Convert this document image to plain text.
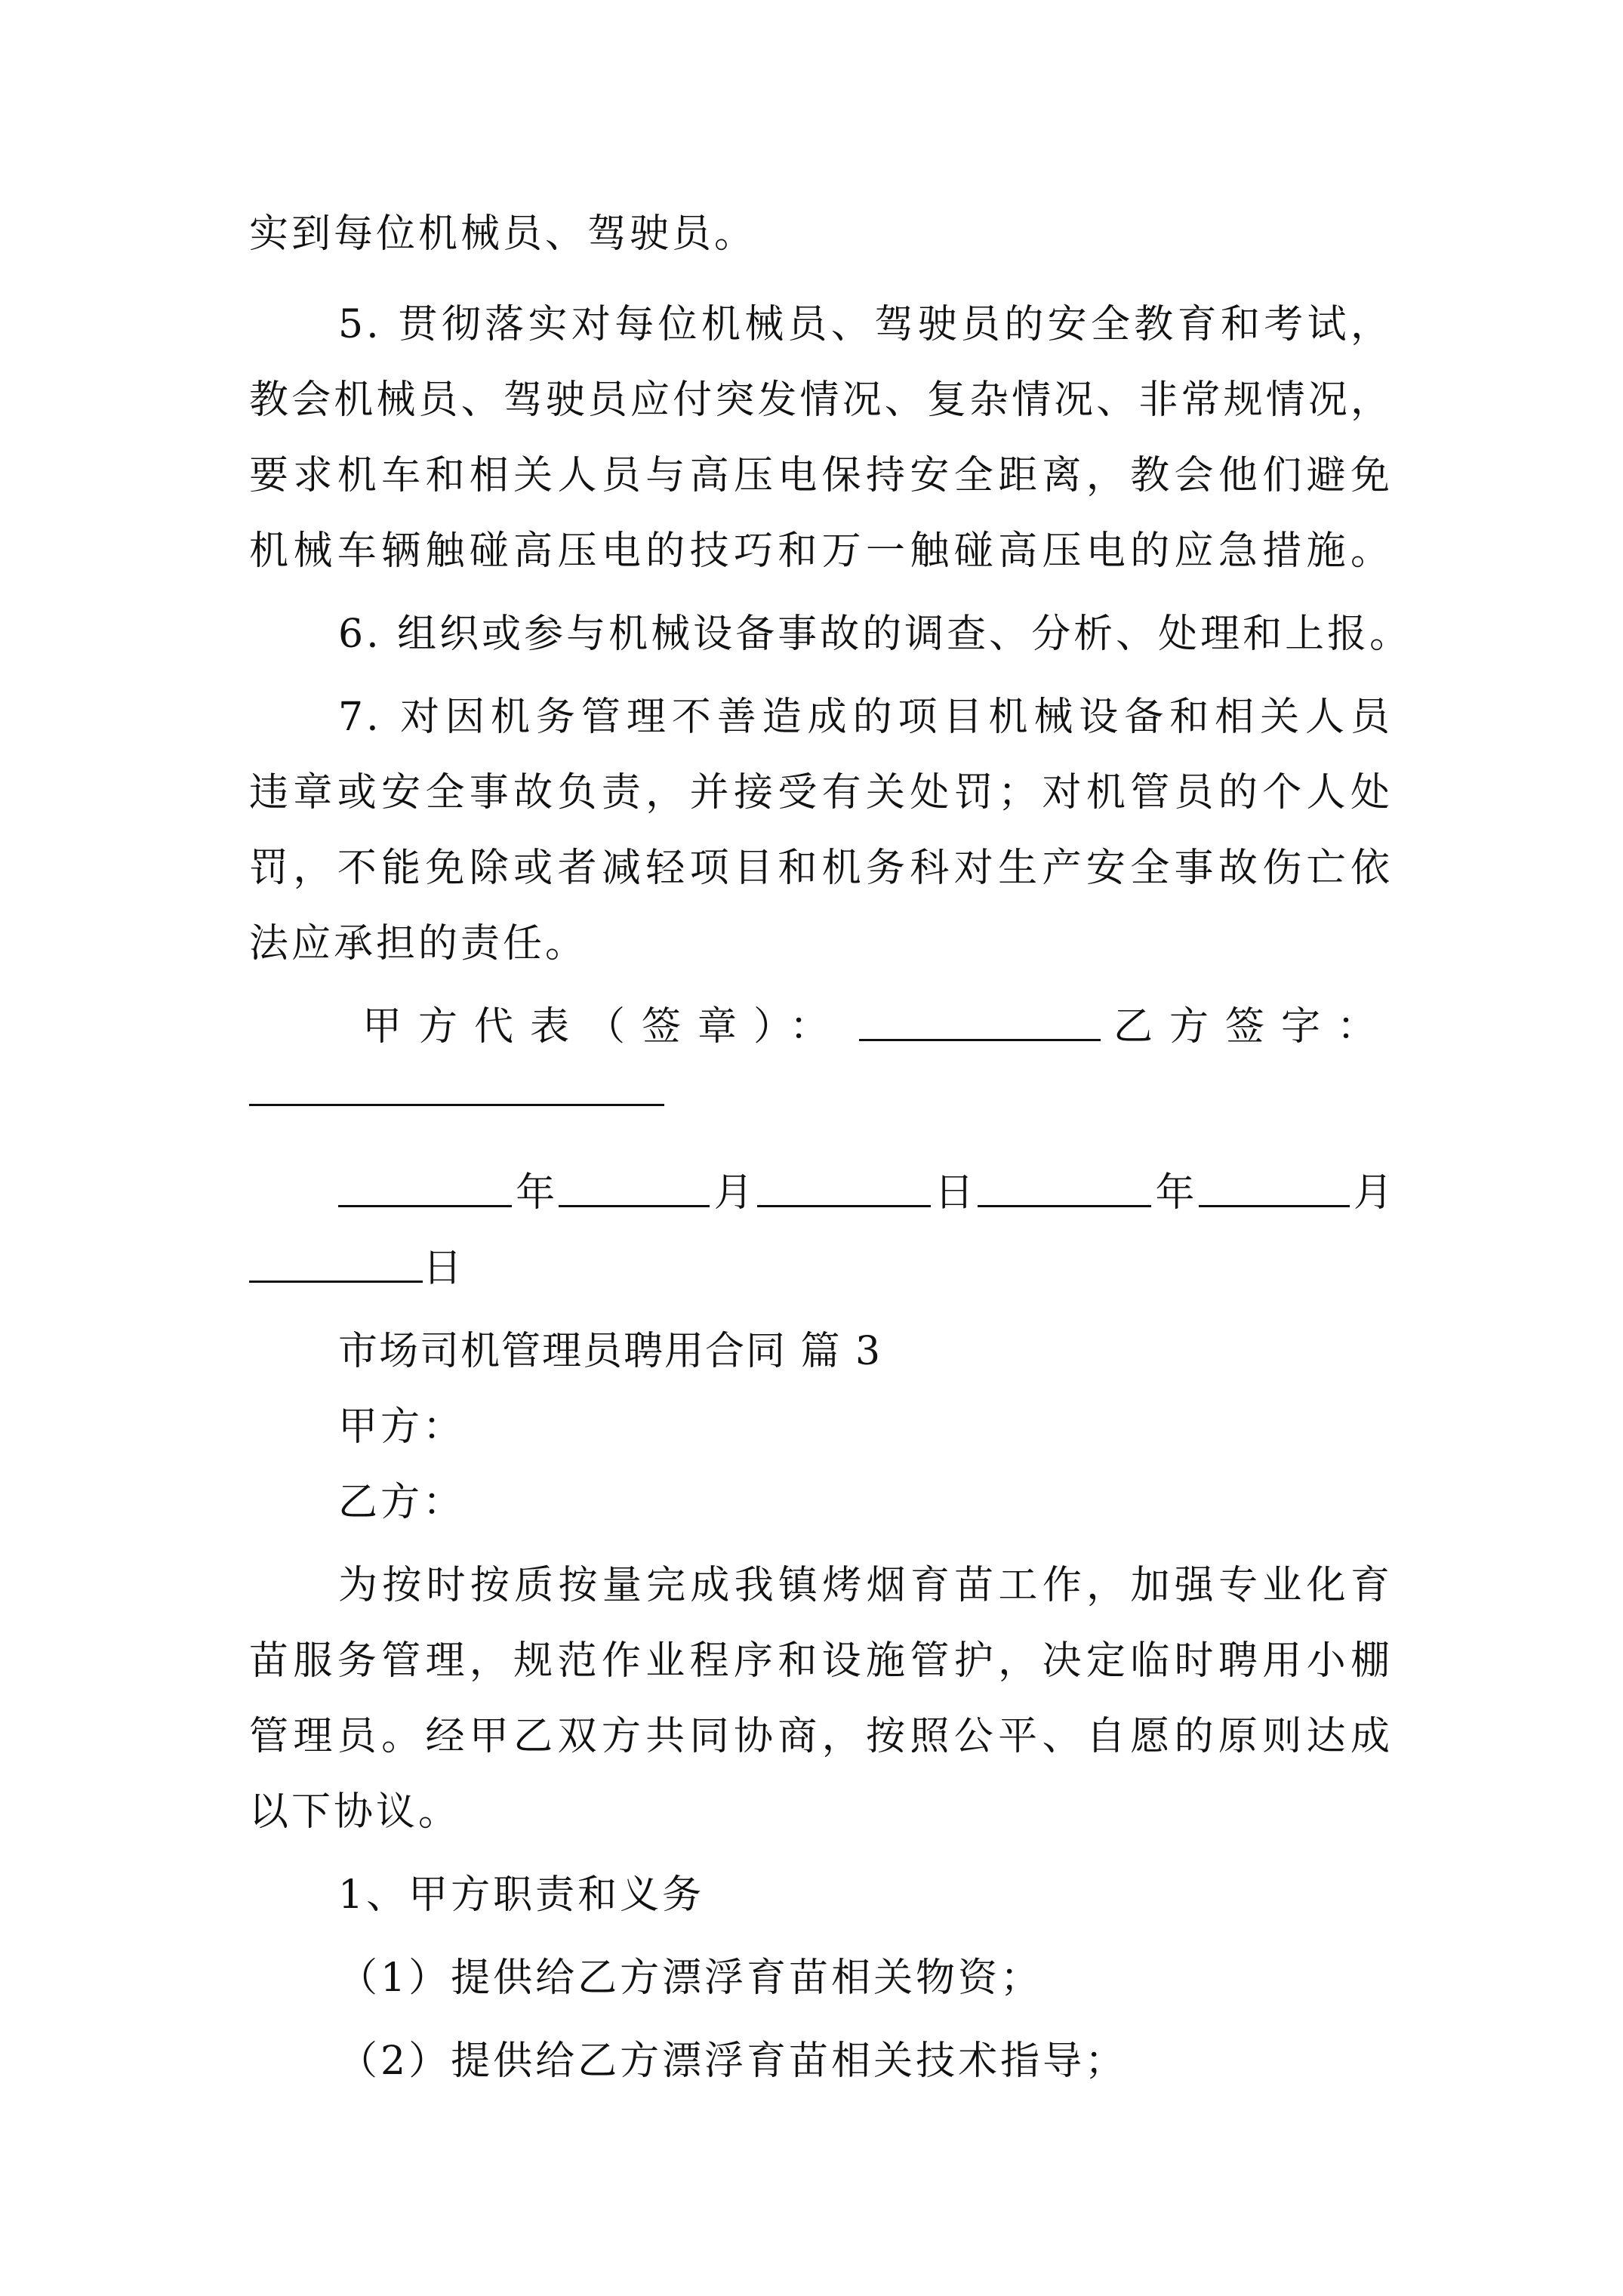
实到每位机械员、驾驶员。
5. 贯彻落实对每位机械员、驾驶员的安全教育和考试，
教会机械员、驾驶员应付突发情况、复杂情况、非常规情况，
要求机车和相关人员与高压电保持安全距离，教会他们避免
机械车辆触碰高压电的技巧和万一触碰高压电的应急措施。
6. 组织或参与机械设备事故的调查、分析、处理和上报。
7. 对因机务管理不善造成的项目机械设备和相关人员
违章或安全事故负责，并接受有关处罚；对机管员的个人处
罚，不能免除或者减轻项目和机务科对生产安全事故伤亡依
法应承担的责任。
甲方代表（签章）：	乙方签字：
年	月	日	年	月
日
市场司机管理员聘用合同 篇 3
甲方：
乙方：
为按时按质按量完成我镇烤烟育苗工作，加强专业化育
苗服务管理，规范作业程序和设施管护，决定临时聘用小棚
管理员。经甲乙双方共同协商，按照公平、自愿的原则达成
以下协议。
1、甲方职责和义务
（1）提供给乙方漂浮育苗相关物资；
（2）提供给乙方漂浮育苗相关技术指导；
